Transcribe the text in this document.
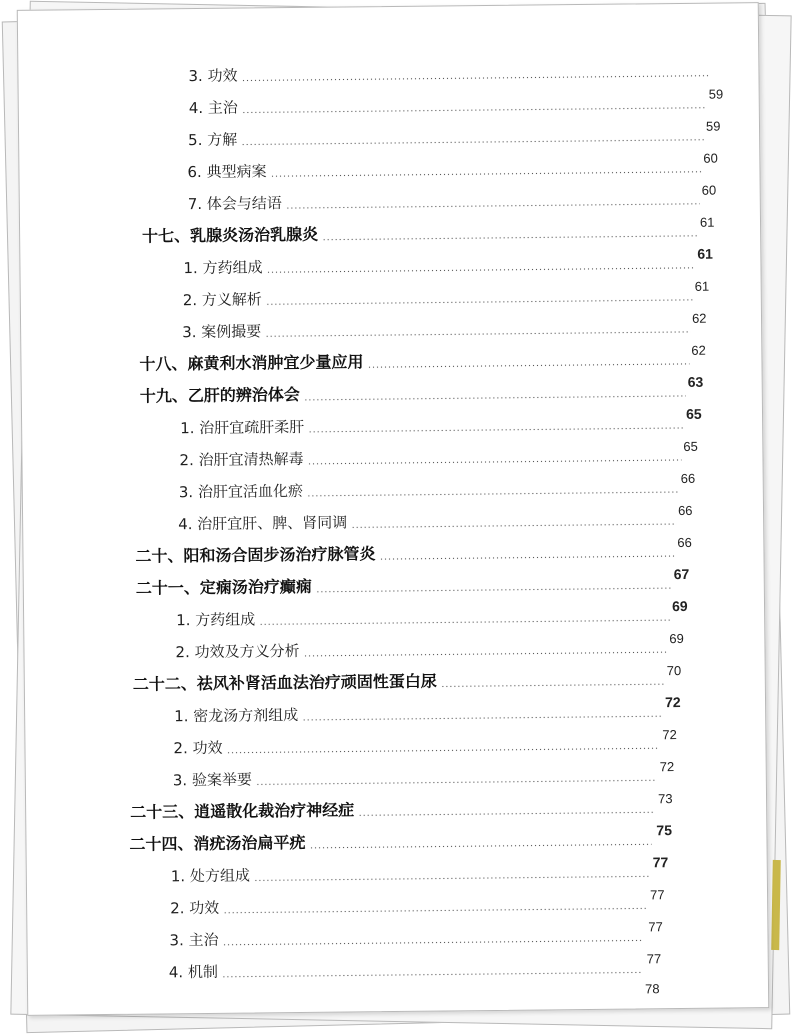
3. 功效
4. 主治
5. 方解
6. 典型病案
7. 体会与结语
十七、乳腺炎汤治乳腺炎
1. 方药组成
2. 方义解析
3. 案例撮要
十八、麻黄利水消肿宜少量应用
十九、乙肝的辨治体会
1. 治肝宜疏肝柔肝
2. 治肝宜清热解毒
3. 治肝宜活血化瘀
4. 治肝宜肝、脾、肾同调
二十、阳和汤合固步汤治疗脉管炎
二十一、定痫汤治疗癫痫
1. 方药组成
2. 功效及方义分析
二十二、祛风补肾活血法治疗顽固性蛋白尿
1. 密龙汤方剂组成
2. 功效
3. 验案举要
二十三、逍遥散化裁治疗神经症
二十四、消疣汤治扁平疣
1. 处方组成
2. 功效
3. 主治
4. 机制
59
59
60
60
61
61
61
62
62
63
65
65
66
66
66
67
69
69
70
72
72
72
73
75
77
77
77
77
78
